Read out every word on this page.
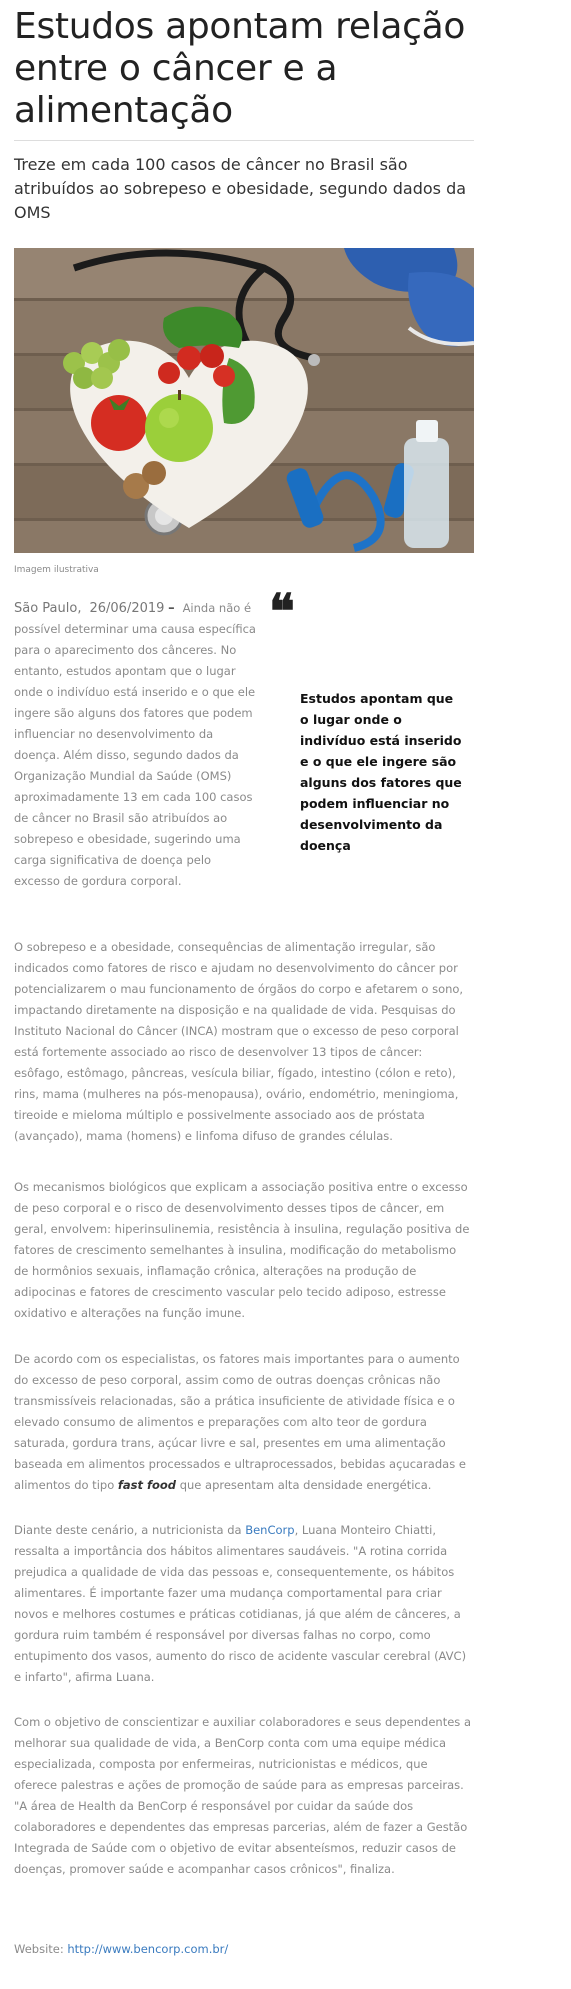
Estudos apontam relação entre o câncer e a alimentação
Treze em cada 100 casos de câncer no Brasil são atribuídos ao sobrepeso e obesidade, segundo dados da OMS
Imagem ilustrativa
São Paulo, 26/06/2019 – Ainda não é possível determinar uma causa específica para o aparecimento dos cânceres. No entanto, estudos apontam que o lugar onde o indivíduo está inserido e o que ele ingere são alguns dos fatores que podem influenciar no desenvolvimento da doença. Além disso, segundo dados da Organização Mundial da Saúde (OMS) aproximadamente 13 em cada 100 casos de câncer no Brasil são atribuídos ao sobrepeso e obesidade, sugerindo uma carga significativa de doença pelo excesso de gordura corporal.
❝
Estudos apontam que o lugar onde o indivíduo está inserido e o que ele ingere são alguns dos fatores que podem influenciar no desenvolvimento da doença

O sobrepeso e a obesidade, consequências de alimentação irregular, são indicados como fatores de risco e ajudam no desenvolvimento do câncer por potencializarem o mau funcionamento de órgãos do corpo e afetarem o sono, impactando diretamente na disposição e na qualidade de vida. Pesquisas do Instituto Nacional do Câncer (INCA) mostram que o excesso de peso corporal está fortemente associado ao risco de desenvolver 13 tipos de câncer: esôfago, estômago, pâncreas, vesícula biliar, fígado, intestino (cólon e reto), rins, mama (mulheres na pós-menopausa), ovário, endométrio, meningioma, tireoide e mieloma múltiplo e possivelmente associado aos de próstata (avançado), mama (homens) e linfoma difuso de grandes células.

Os mecanismos biológicos que explicam a associação positiva entre o excesso de peso corporal e o risco de desenvolvimento desses tipos de câncer, em geral, envolvem: hiperinsulinemia, resistência à insulina, regulação positiva de fatores de crescimento semelhantes à insulina, modificação do metabolismo de hormônios sexuais, inflamação crônica, alterações na produção de adipocinas e fatores de crescimento vascular pelo tecido adiposo, estresse oxidativo e alterações na função imune.

De acordo com os especialistas, os fatores mais importantes para o aumento do excesso de peso corporal, assim como de outras doenças crônicas não transmissíveis relacionadas, são a prática insuficiente de atividade física e o elevado consumo de alimentos e preparações com alto teor de gordura saturada, gordura trans, açúcar livre e sal, presentes em uma alimentação baseada em alimentos processados e ultraprocessados, bebidas açucaradas e alimentos do tipo fast food que apresentam alta densidade energética.

Diante deste cenário, a nutricionista da BenCorp, Luana Monteiro Chiatti, ressalta a importância dos hábitos alimentares saudáveis. "A rotina corrida prejudica a qualidade de vida das pessoas e, consequentemente, os hábitos alimentares. É importante fazer uma mudança comportamental para criar novos e melhores costumes e práticas cotidianas, já que além de cânceres, a gordura ruim também é responsável por diversas falhas no corpo, como entupimento dos vasos, aumento do risco de acidente vascular cerebral (AVC) e infarto", afirma Luana.

Com o objetivo de conscientizar e auxiliar colaboradores e seus dependentes a melhorar sua qualidade de vida, a BenCorp conta com uma equipe médica especializada, composta por enfermeiras, nutricionistas e médicos, que oferece palestras e ações de promoção de saúde para as empresas parceiras. "A área de Health da BenCorp é responsável por cuidar da saúde dos colaboradores e dependentes das empresas parcerias, além de fazer a Gestão Integrada de Saúde com o objetivo de evitar absenteísmos, reduzir casos de doenças, promover saúde e acompanhar casos crônicos", finaliza.

Website: http://www.bencorp.com.br/
